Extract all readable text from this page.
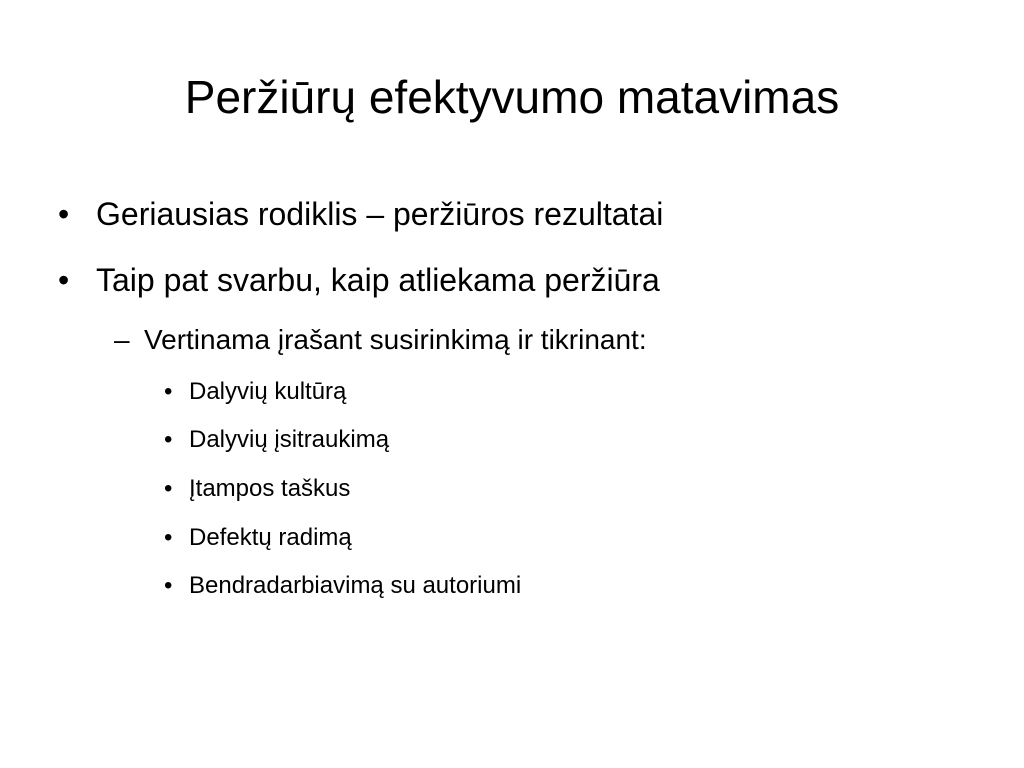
Peržiūrų efektyvumo matavimas
•Geriausias rodiklis – peržiūros rezultatai
•Taip pat svarbu, kaip atliekama peržiūra
–Vertinama įrašant susirinkimą ir tikrinant:
•Dalyvių kultūrą
•Dalyvių įsitraukimą
•Įtampos taškus
•Defektų radimą
•Bendradarbiavimą su autoriumi
